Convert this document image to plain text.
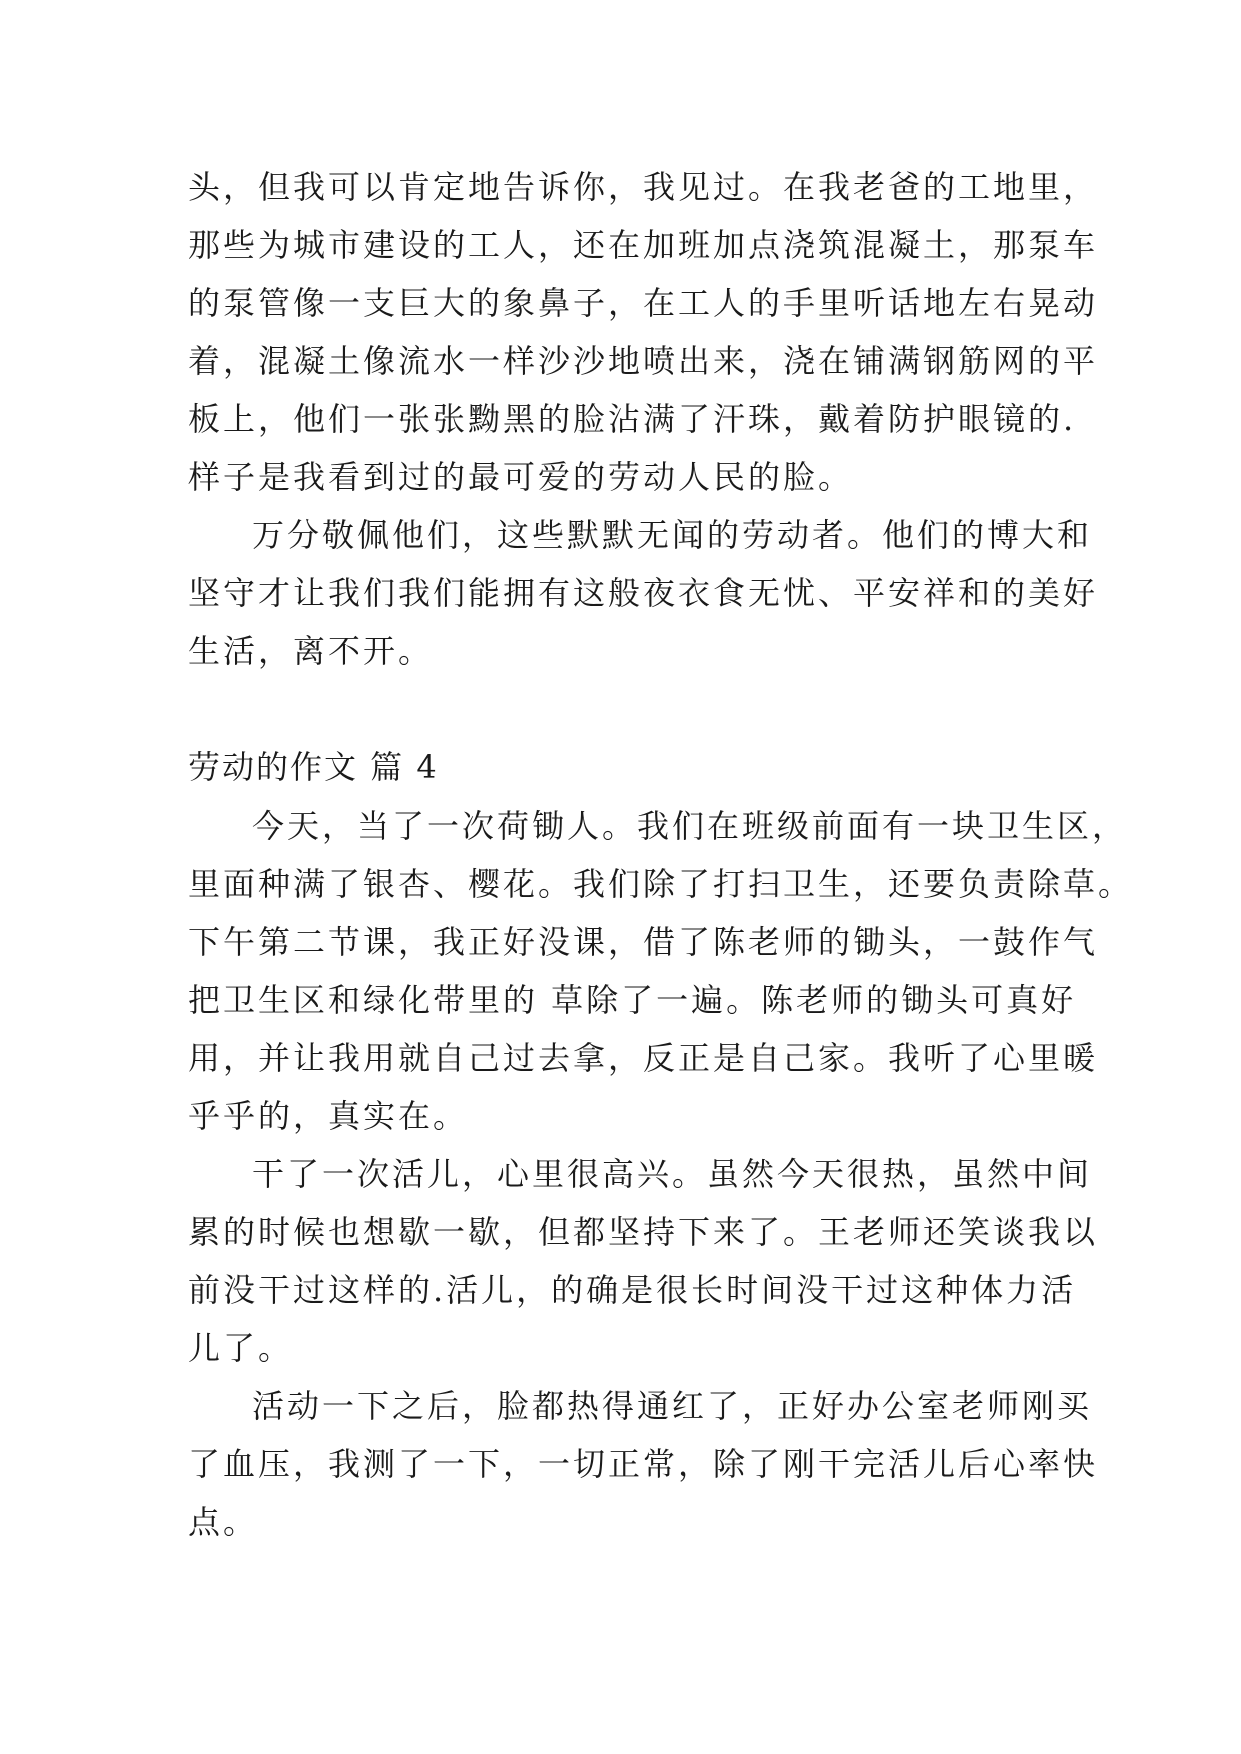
头，但我可以肯定地告诉你，我见过。在我老爸的工地里，
那些为城市建设的工人，还在加班加点浇筑混凝土，那泵车
的泵管像一支巨大的象鼻子，在工人的手里听话地左右晃动
着，混凝土像流水一样沙沙地喷出来，浇在铺满钢筋网的平
板上，他们一张张黝黑的脸沾满了汗珠，戴着防护眼镜的.
样子是我看到过的最可爱的劳动人民的脸。
万分敬佩他们，这些默默无闻的劳动者。他们的博大和
坚守才让我们我们能拥有这般夜衣食无忧、平安祥和的美好
生活，离不开。
劳动的作文 篇 4
今天，当了一次荷锄人。我们在班级前面有一块卫生区，
里面种满了银杏、樱花。我们除了打扫卫生，还要负责除草。
下午第二节课，我正好没课，借了陈老师的锄头，一鼓作气
把卫生区和绿化带里的 草除了一遍。陈老师的锄头可真好
用，并让我用就自己过去拿，反正是自己家。我听了心里暖
乎乎的，真实在。
干了一次活儿，心里很高兴。虽然今天很热，虽然中间
累的时候也想歇一歇，但都坚持下来了。王老师还笑谈我以
前没干过这样的.活儿，的确是很长时间没干过这种体力活
儿了。
活动一下之后，脸都热得通红了，正好办公室老师刚买
了血压，我测了一下，一切正常，除了刚干完活儿后心率快
点。
